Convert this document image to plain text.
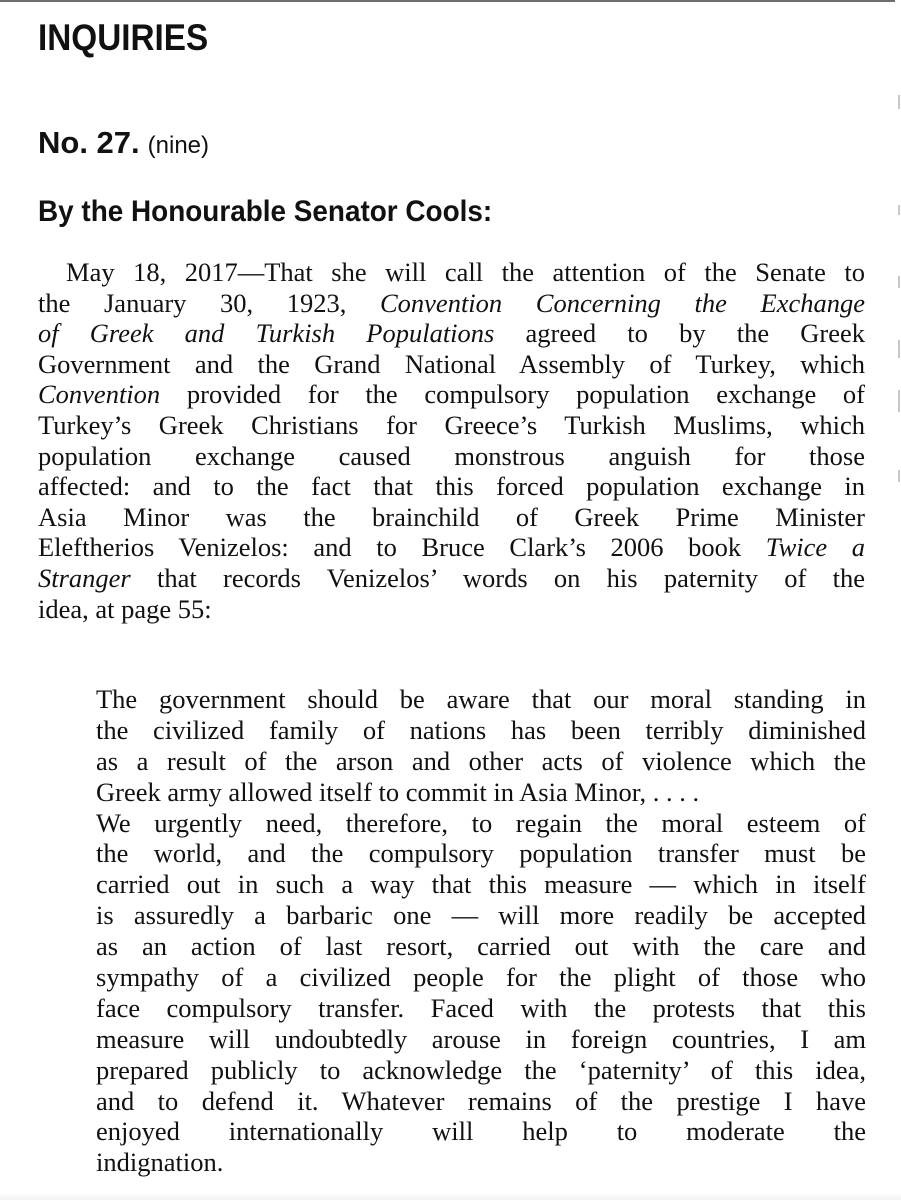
INQUIRIES
No. 27. (nine)
By the Honourable Senator Cools:
May 18, 2017—That she will call the attention of the Senate to
the January 30, 1923, Convention Concerning the Exchange
of Greek and Turkish Populations agreed to by the Greek
Government and the Grand National Assembly of Turkey, which
Convention provided for the compulsory population exchange of
Turkey’s Greek Christians for Greece’s Turkish Muslims, which
population exchange caused monstrous anguish for those
affected: and to the fact that this forced population exchange in
Asia Minor was the brainchild of Greek Prime Minister
Eleftherios Venizelos: and to Bruce Clark’s 2006 book Twice a
Stranger that records Venizelos’ words on his paternity of the
idea, at page 55:
The government should be aware that our moral standing in
the civilized family of nations has been terribly diminished
as a result of the arson and other acts of violence which the
Greek army allowed itself to commit in Asia Minor, . . . .
We urgently need, therefore, to regain the moral esteem of
the world, and the compulsory population transfer must be
carried out in such a way that this measure — which in itself
is assuredly a barbaric one — will more readily be accepted
as an action of last resort, carried out with the care and
sympathy of a civilized people for the plight of those who
face compulsory transfer. Faced with the protests that this
measure will undoubtedly arouse in foreign countries, I am
prepared publicly to acknowledge the ‘paternity’ of this idea,
and to defend it. Whatever remains of the prestige I have
enjoyed internationally will help to moderate the
indignation.
